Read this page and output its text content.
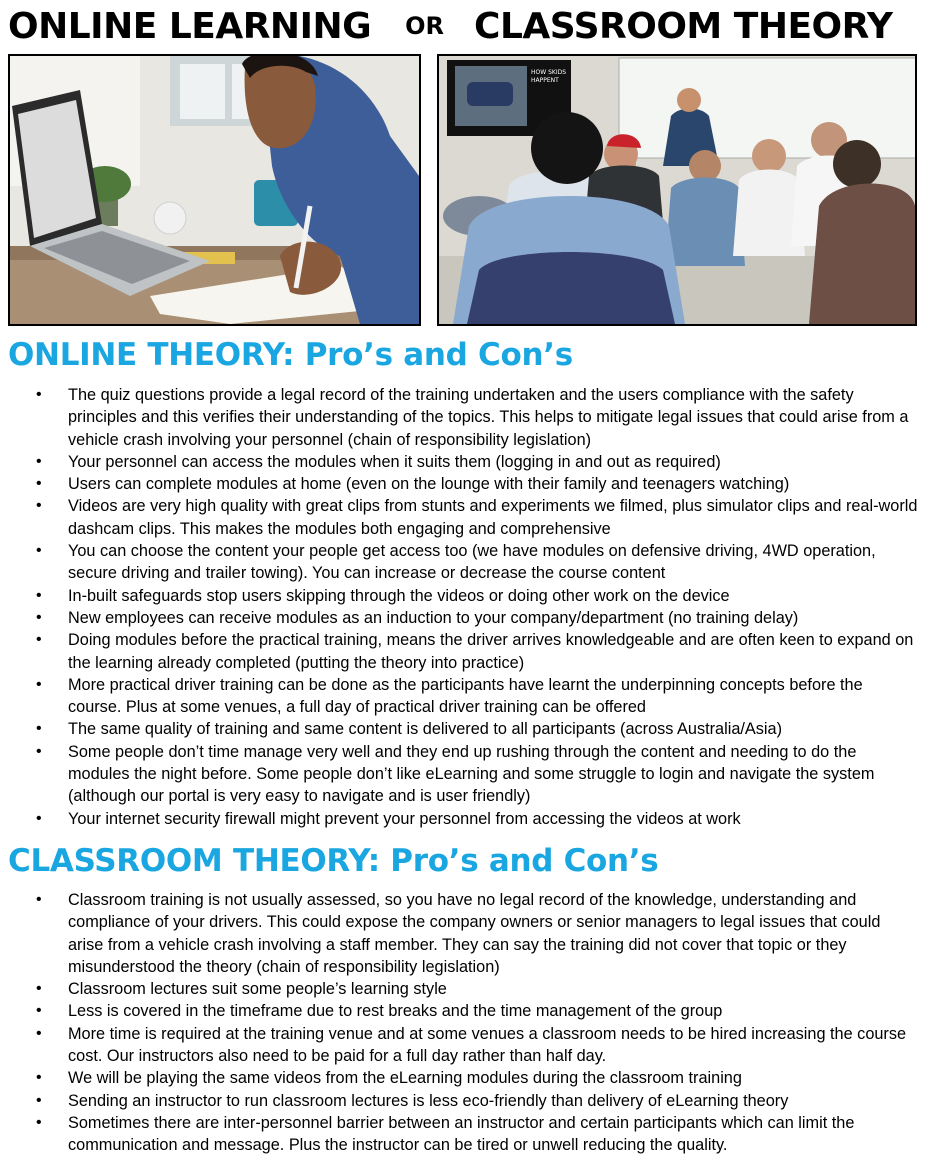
ONLINE LEARNING OR CLASSROOM THEORY
HOW SKIDS
HAPPENT
ONLINE THEORY: Pro’s and Con’s
• The quiz questions provide a legal record of the training undertaken and the users compliance with the safety principles and this verifies their understanding of the topics. This helps to mitigate legal issues that could arise from a vehicle crash involving your personnel (chain of responsibility legislation)
• Your personnel can access the modules when it suits them (logging in and out as required)
• Users can complete modules at home (even on the lounge with their family and teenagers watching)
• Videos are very high quality with great clips from stunts and experiments we filmed, plus simulator clips and real-world dashcam clips. This makes the modules both engaging and comprehensive
• You can choose the content your people get access too (we have modules on defensive driving, 4WD operation, secure driving and trailer towing). You can increase or decrease the course content
• In-built safeguards stop users skipping through the videos or doing other work on the device
• New employees can receive modules as an induction to your company/department (no training delay)
• Doing modules before the practical training, means the driver arrives knowledgeable and are often keen to expand on the learning already completed (putting the theory into practice)
• More practical driver training can be done as the participants have learnt the underpinning concepts before the course. Plus at some venues, a full day of practical driver training can be offered
• The same quality of training and same content is delivered to all participants (across Australia/Asia)
• Some people don’t time manage very well and they end up rushing through the content and needing to do the modules the night before. Some people don’t like eLearning and some struggle to login and navigate the system (although our portal is very easy to navigate and is user friendly)
• Your internet security firewall might prevent your personnel from accessing the videos at work
CLASSROOM THEORY: Pro’s and Con’s
• Classroom training is not usually assessed, so you have no legal record of the knowledge, understanding and compliance of your drivers. This could expose the company owners or senior managers to legal issues that could arise from a vehicle crash involving a staff member. They can say the training did not cover that topic or they misunderstood the theory (chain of responsibility legislation)
• Classroom lectures suit some people’s learning style
• Less is covered in the timeframe due to rest breaks and the time management of the group
• More time is required at the training venue and at some venues a classroom needs to be hired increasing the course cost. Our instructors also need to be paid for a full day rather than half day.
• We will be playing the same videos from the eLearning modules during the classroom training
• Sending an instructor to run classroom lectures is less eco-friendly than delivery of eLearning theory
• Sometimes there are inter-personnel barrier between an instructor and certain participants which can limit the communication and message. Plus the instructor can be tired or unwell reducing the quality.
